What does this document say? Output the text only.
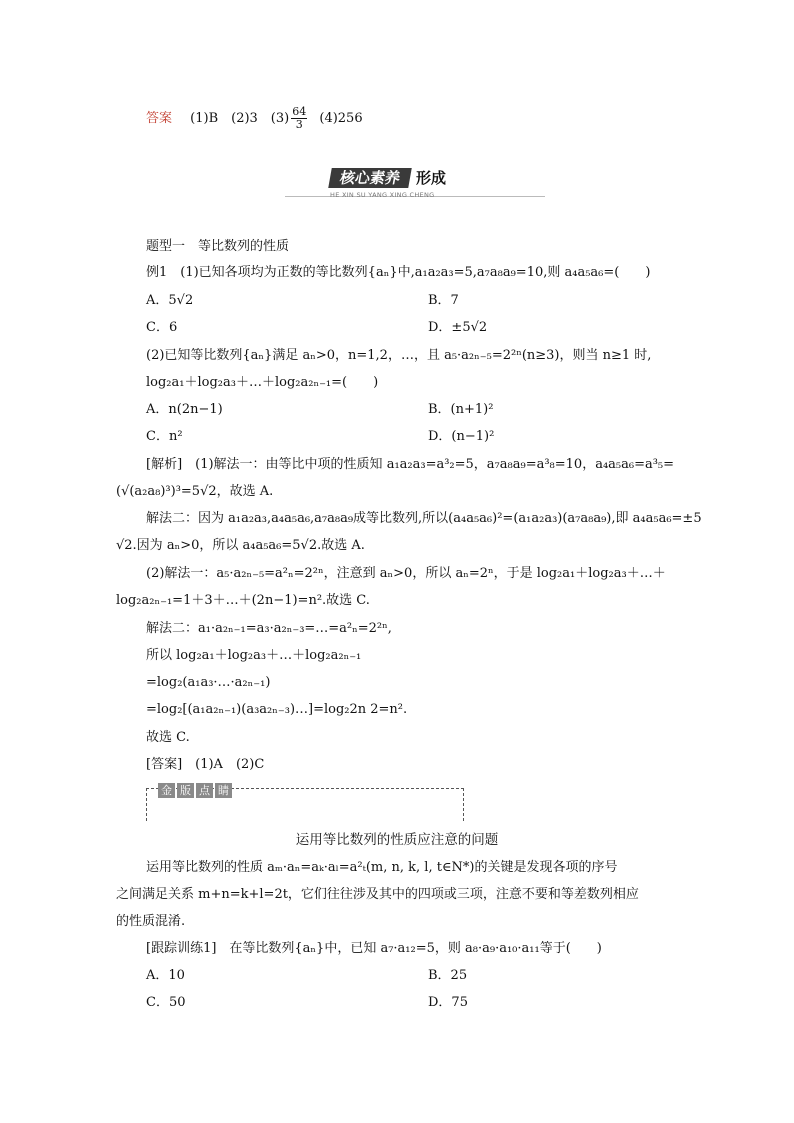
答案 (1)B　(2)3　$(3) \frac{64}{3} (4)256$
核心素养 形成
HE XIN SU YANG XING CHENG
题型一　等比数列的性质
例1　(1)已知各项均为正数的等比数列{aₙ}中,a₁a₂a₃=5,a₇a₈a₉=10,则 a₄a₅a₆=(　　)
A．5√2	B．7
C．6	D．±5√2
(2)已知等比数列{aₙ}满足 aₙ>0，n=1,2，…，且 a₅·a₂ₙ₋₅=2²ⁿ(n≥3)，则当 n≥1 时,
log₂a₁＋log₂a₃＋…＋log₂a₂ₙ₋₁=(　　)
A．n(2n−1)	B．(n+1)²
C．n²	D．(n−1)²
[解析]　(1)解法一：由等比中项的性质知 a₁a₂a₃=a³₂=5，a₇a₈a₉=a³₈=10，a₄a₅a₆=a³₅=
(√(a₂a₈)³)³=5√2，故选 A.
解法二：因为 a₁a₂a₃,a₄a₅a₆,a₇a₈a₉成等比数列,所以(a₄a₅a₆)²=(a₁a₂a₃)(a₇a₈a₉),即 a₄a₅a₆=±5
√2.因为 aₙ>0，所以 a₄a₅a₆=5√2.故选 A.
(2)解法一：a₅·a₂ₙ₋₅=a²ₙ=2²ⁿ，注意到 aₙ>0，所以 aₙ=2ⁿ，于是 log₂a₁＋log₂a₃＋…＋
log₂a₂ₙ₋₁=1＋3＋…＋(2n−1)=n².故选 C.
解法二：a₁·a₂ₙ₋₁=a₃·a₂ₙ₋₃=…=a²ₙ=2²ⁿ,
所以 log₂a₁＋log₂a₃＋…＋log₂a₂ₙ₋₁
=log₂(a₁a₃·…·a₂ₙ₋₁)
=log₂[(a₁a₂ₙ₋₁)(a₃a₂ₙ₋₃)…]=log₂2n 2=n².
故选 C.
[答案]　(1)A　(2)C
金 版 点 睛
运用等比数列的性质应注意的问题
运用等比数列的性质 aₘ·aₙ=aₖ·aₗ=a²ₜ(m, n, k, l, t∈N*)的关键是发现各项的序号
之间满足关系 m+n=k+l=2t，它们往往涉及其中的四项或三项，注意不要和等差数列相应
的性质混淆.
[跟踪训练1]　在等比数列{aₙ}中，已知 a₇·a₁₂=5，则 a₈·a₉·a₁₀·a₁₁等于(　　)
A．10	B．25
C．50	D．75
